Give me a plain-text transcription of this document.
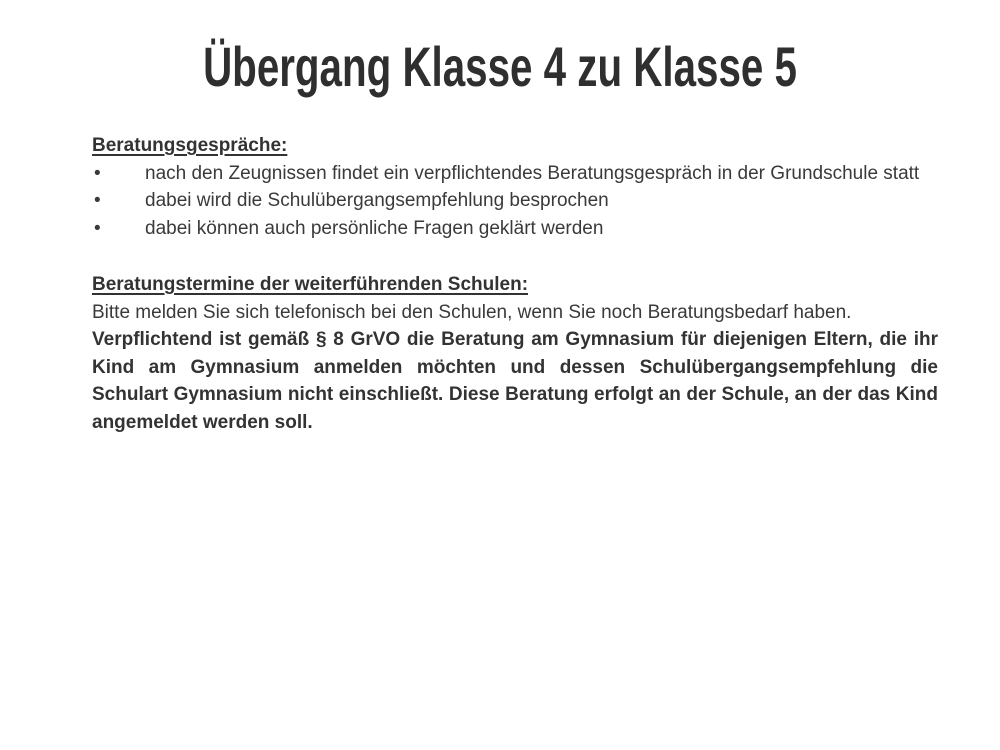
Übergang Klasse 4 zu Klasse 5

Beratungsgespräche:

•	nach den Zeugnissen findet ein verpflichtendes Beratungsgespräch in der Grundschule statt
•	dabei wird die Schulübergangsempfehlung besprochen
•	dabei können auch persönliche Fragen geklärt werden

Beratungstermine der weiterführenden Schulen:

Bitte melden Sie sich telefonisch bei den Schulen, wenn Sie noch Beratungsbedarf haben.

Verpflichtend ist gemäß § 8 GrVO die Beratung am Gymnasium für diejenigen Eltern, die ihr Kind am Gymnasium anmelden möchten und dessen Schulübergangsempfehlung die Schulart Gymnasium nicht einschließt. Diese Beratung erfolgt an der Schule, an der das Kind angemeldet werden soll.
